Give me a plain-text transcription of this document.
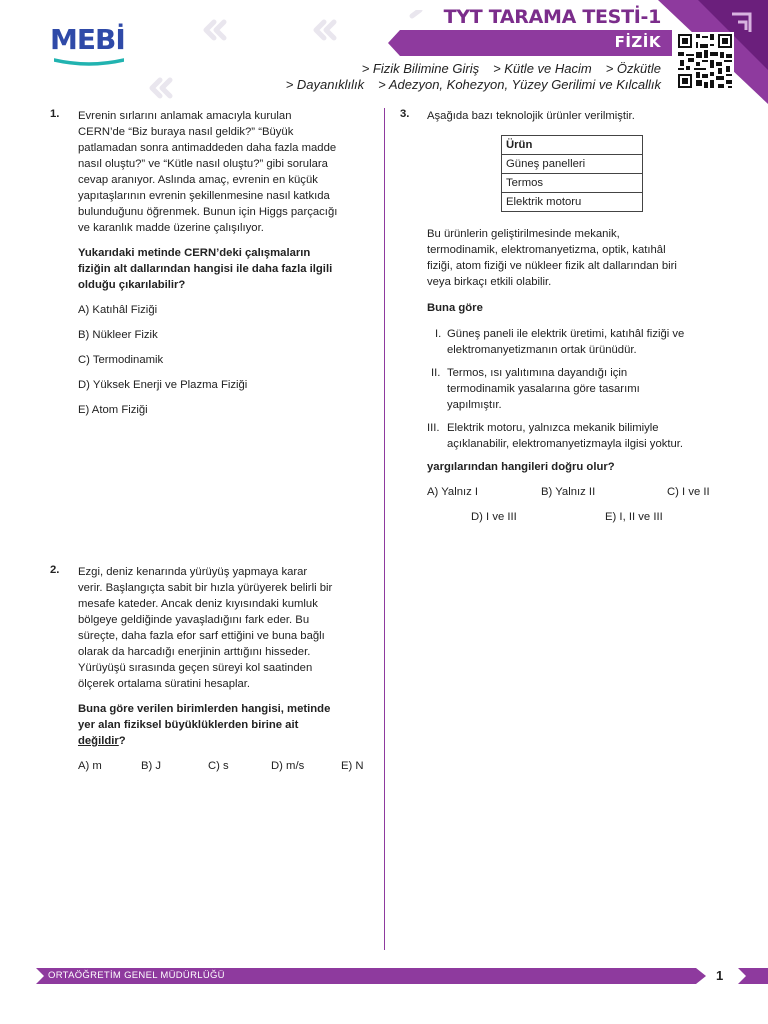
MEBİ
TYT TARAMA TESTİ-1
FİZİK
> Fizik Bilimine Giriş > Kütle ve Hacim > Özkütle
> Dayanıklılık > Adezyon, Kohezyon, Yüzey Gerilimi ve Kılcallık
1. Evrenin sırlarını anlamak amacıyla kurulan
CERN’de “Biz buraya nasıl geldik?” “Büyük
patlamadan sonra antimaddeden daha fazla madde
nasıl oluştu?” ve “Kütle nasıl oluştu?” gibi sorulara
cevap aranıyor. Aslında amaç, evrenin en küçük
yapıtaşlarının evrenin şekillenmesine nasıl katkıda
bulunduğunu öğrenmek. Bunun için Higgs parçacığı
ve karanlık madde üzerine çalışılıyor.
Yukarıdaki metinde CERN’deki çalışmaların
fiziğin alt dallarından hangisi ile daha fazla ilgili
olduğu çıkarılabilir?
A) Katıhâl Fiziği
B) Nükleer Fizik
C) Termodinamik
D) Yüksek Enerji ve Plazma Fiziği
E) Atom Fiziği
2. Ezgi, deniz kenarında yürüyüş yapmaya karar
verir. Başlangıçta sabit bir hızla yürüyerek belirli bir
mesafe kateder. Ancak deniz kıyısındaki kumluk
bölgeye geldiğinde yavaşladığını fark eder. Bu
süreçte, daha fazla efor sarf ettiğini ve buna bağlı
olarak da harcadığı enerjinin arttığını hisseder.
Yürüyüşü sırasında geçen süreyi kol saatinden
ölçerek ortalama süratini hesaplar.
Buna göre verilen birimlerden hangisi, metinde
yer alan fiziksel büyüklüklerden birine ait
değildir?
A) m	B) J	C) s	D) m/s	E) N
3. Aşağıda bazı teknolojik ürünler verilmiştir.
Ürün
Güneş panelleri
Termos
Elektrik motoru
Bu ürünlerin geliştirilmesinde mekanik,
termodinamik, elektromanyetizma, optik, katıhâl
fiziği, atom fiziği ve nükleer fizik alt dallarından biri
veya birkaçı etkili olabilir.
Buna göre
I. Güneş paneli ile elektrik üretimi, katıhâl fiziği ve
elektromanyetizmanın ortak ürünüdür.
II. Termos, ısı yalıtımına dayandığı için
termodinamik yasalarına göre tasarımı
yapılmıştır.
III. Elektrik motoru, yalnızca mekanik bilimiyle
açıklanabilir, elektromanyetizmayla ilgisi yoktur.
yargılarından hangileri doğru olur?
A) Yalnız I	B) Yalnız II	C) I ve II
D) I ve III	E) I, II ve III
ORTAÖĞRETİM GENEL MÜDÜRLÜĞÜ	1
